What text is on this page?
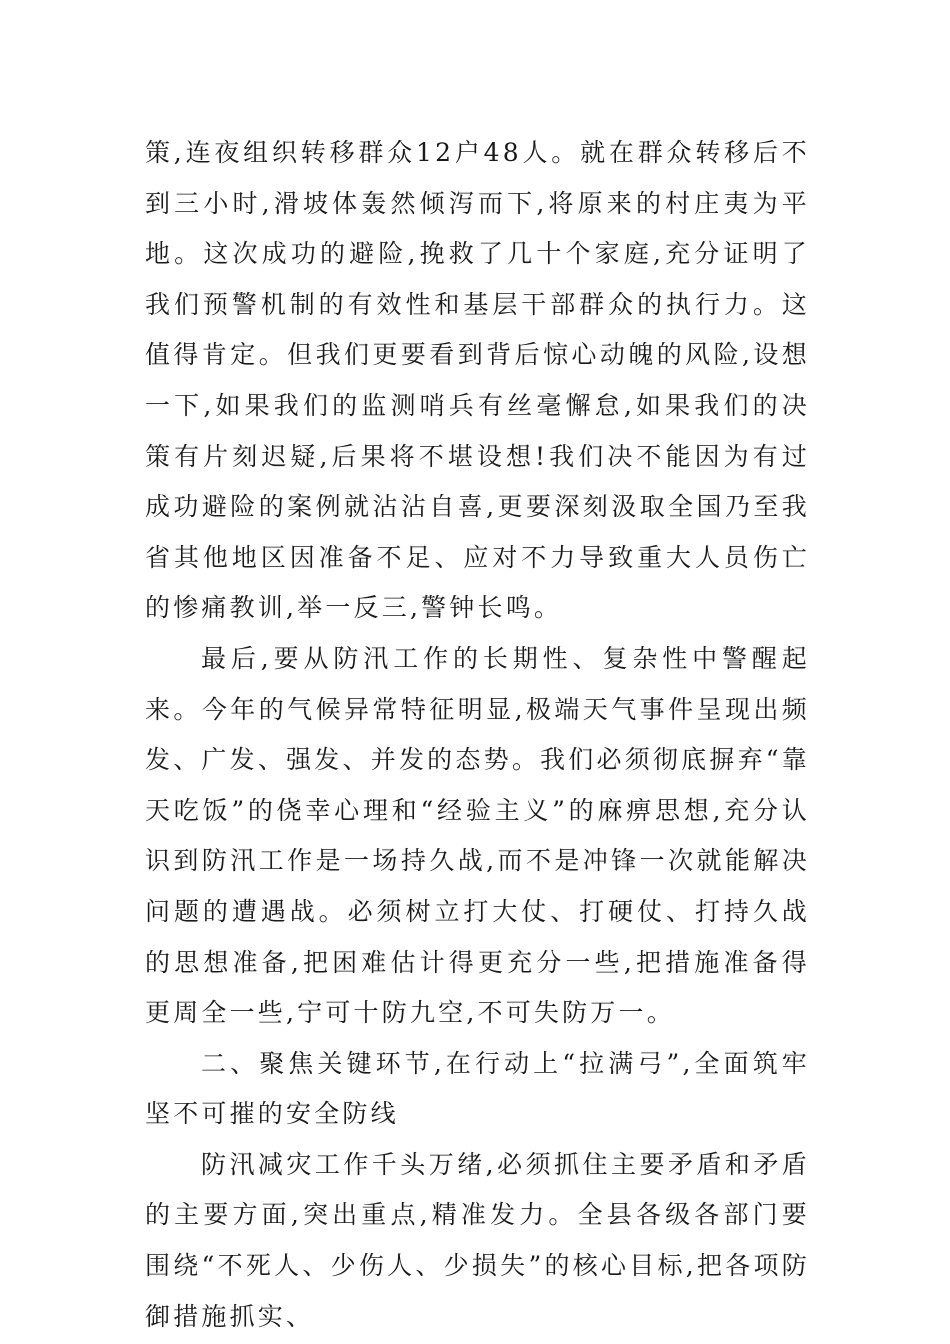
策,连夜组织转移群众12户48人。就在群众转移后不到三小时,滑坡体轰然倾泻而下,将原来的村庄夷为平地。这次成功的避险,挽救了几十个家庭,充分证明了我们预警机制的有效性和基层干部群众的执行力。这值得肯定。但我们更要看到背后惊心动魄的风险,设想一下,如果我们的监测哨兵有丝毫懈怠,如果我们的决策有片刻迟疑,后果将不堪设想!我们决不能因为有过成功避险的案例就沾沾自喜,更要深刻汲取全国乃至我省其他地区因准备不足、应对不力导致重大人员伤亡的惨痛教训,举一反三,警钟长鸣。

最后,要从防汛工作的长期性、复杂性中警醒起来。今年的气候异常特征明显,极端天气事件呈现出频发、广发、强发、并发的态势。我们必须彻底摒弃“靠天吃饭”的侥幸心理和“经验主义”的麻痹思想,充分认识到防汛工作是一场持久战,而不是冲锋一次就能解决问题的遭遇战。必须树立打大仗、打硬仗、打持久战的思想准备,把困难估计得更充分一些,把措施准备得更周全一些,宁可十防九空,不可失防万一。

二、聚焦关键环节,在行动上“拉满弓”,全面筑牢坚不可摧的安全防线

防汛减灾工作千头万绪,必须抓住主要矛盾和矛盾的主要方面,突出重点,精准发力。全县各级各部门要围绕“不死人、少伤人、少损失”的核心目标,把各项防御措施抓实、
